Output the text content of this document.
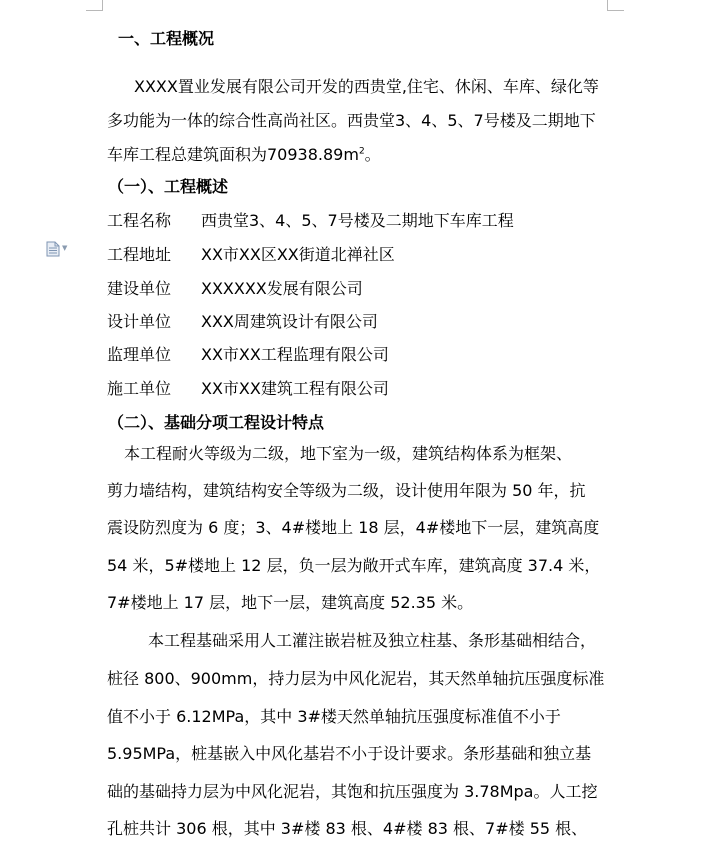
▼
一、工程概况
XXXX置业发展有限公司开发的西贵堂,住宅、休闲、车库、绿化等
多功能为一体的综合性高尚社区。西贵堂3、4、5、7号楼及二期地下
车库工程总建筑面积为$70938.89m^2$。
（一）、工程概述
工程名称 西贵堂3、4、5、7号楼及二期地下车库工程
工程地址 XX市XX区XX街道北禅社区
建设单位 XXXXXX发展有限公司
设计单位 XXX周建筑设计有限公司
监理单位 XX市XX工程监理有限公司
施工单位 XX市XX建筑工程有限公司
（二）、基础分项工程设计特点
本工程耐火等级为二级，地下室为一级，建筑结构体系为框架、
剪力墙结构，建筑结构安全等级为二级，设计使用年限为 50 年，抗
震设防烈度为 6 度；3、4#楼地上 18 层，4#楼地下一层，建筑高度
54 米，5#楼地上 12 层，负一层为敞开式车库，建筑高度 37.4 米，
7#楼地上 17 层，地下一层，建筑高度 52.35 米。
本工程基础采用人工灌注嵌岩桩及独立柱基、条形基础相结合，
桩径 800、900mm，持力层为中风化泥岩，其天然单轴抗压强度标准
值不小于 6.12MPa，其中 3#楼天然单轴抗压强度标准值不小于
5.95MPa，桩基嵌入中风化基岩不小于设计要求。条形基础和独立基
础的基础持力层为中风化泥岩，其饱和抗压强度为 3.78Mpa。人工挖
孔桩共计 306 根，其中 3#楼 83 根、4#楼 83 根、7#楼 55 根、
